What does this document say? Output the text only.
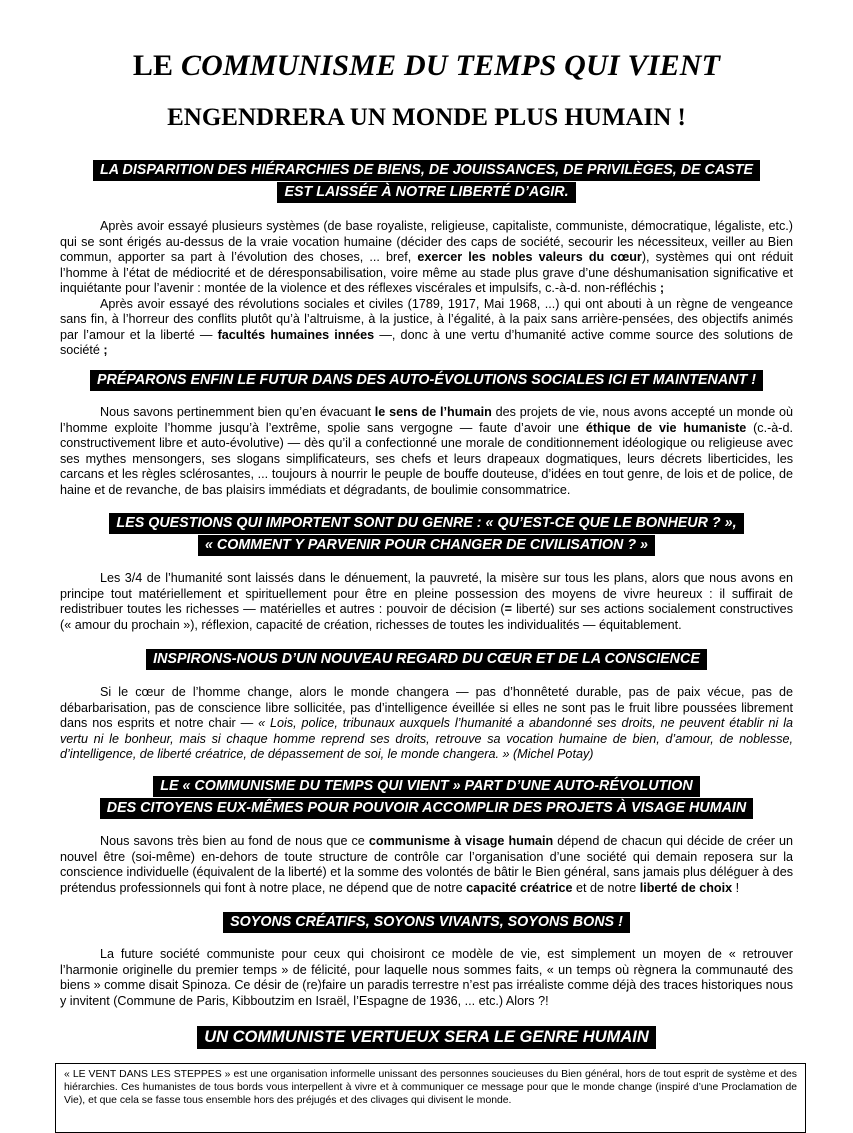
LE COMMUNISME DU TEMPS QUI VIENT
ENGENDRERA UN MONDE PLUS HUMAIN !
LA DISPARITION DES HIÉRARCHIES DE BIENS, DE JOUISSANCES, DE PRIVILÈGES, DE CASTE
EST LAISSÉE À NOTRE LIBERTÉ D’AGIR.

Après avoir essayé plusieurs systèmes (de base royaliste, religieuse, capitaliste, communiste, démocratique, légaliste, etc.) qui se sont érigés au-dessus de la vraie vocation humaine (décider des caps de société, secourir les nécessiteux, veiller au Bien commun, apporter sa part à l’évolution des choses, ... bref, exercer les nobles valeurs du cœur), systèmes qui ont réduit l’homme à l’état de médiocrité et de déresponsabilisation, voire même au stade plus grave d’une déshumanisation significative et inquiétante pour l’avenir : montée de la violence et des réflexes viscérales et impulsifs, c.-à-d. non-réfléchis ;

Après avoir essayé des révolutions sociales et civiles (1789, 1917, Mai 1968, ...) qui ont abouti à un règne de vengeance sans fin, à l’horreur des conflits plutôt qu’à l’altruisme, à la justice, à l’égalité, à la paix sans arrière-pensées, des objectifs animés par l’amour et la liberté — facultés humaines innées —, donc à une vertu d’humanité active comme source des solutions de société ;

PRÉPARONS ENFIN LE FUTUR DANS DES AUTO-ÉVOLUTIONS SOCIALES ICI ET MAINTENANT !

Nous savons pertinemment bien qu’en évacuant le sens de l’humain des projets de vie, nous avons accepté un monde où l’homme exploite l’homme jusqu’à l’extrême, spolie sans vergogne — faute d’avoir une éthique de vie humaniste (c.-à-d. constructivement libre et auto-évolutive) — dès qu’il a confectionné une morale de conditionnement idéologique ou religieuse avec ses mythes mensongers, ses slogans simplificateurs, ses chefs et leurs drapeaux dogmatiques, leurs décrets liberticides, les carcans et les règles sclérosantes, ... toujours à nourrir le peuple de bouffe douteuse, d’idées en tout genre, de lois et de police, de haine et de revanche, de bas plaisirs immédiats et dégradants, de boulimie consommatrice.

LES QUESTIONS QUI IMPORTENT SONT DU GENRE : « QU’EST-CE QUE LE BONHEUR ? »,
« COMMENT Y PARVENIR POUR CHANGER DE CIVILISATION ? »

Les 3/4 de l’humanité sont laissés dans le dénuement, la pauvreté, la misère sur tous les plans, alors que nous avons en principe tout matériellement et spirituellement pour être en pleine possession des moyens de vivre heureux : il suffirait de redistribuer toutes les richesses — matérielles et autres : pouvoir de décision (= liberté) sur ses actions socialement constructives (« amour du prochain »), réflexion, capacité de création, richesses de toutes les individualités — équitablement.

INSPIRONS-NOUS D’UN NOUVEAU REGARD DU CŒUR ET DE LA CONSCIENCE

Si le cœur de l’homme change, alors le monde changera — pas d’honnêteté durable, pas de paix vécue, pas de débarbarisation, pas de conscience libre sollicitée, pas d’intelligence éveillée si elles ne sont pas le fruit libre poussées librement dans nos esprits et notre chair — « Lois, police, tribunaux auxquels l’humanité a abandonné ses droits, ne peuvent établir ni la vertu ni le bonheur, mais si chaque homme reprend ses droits, retrouve sa vocation humaine de bien, d’amour, de noblesse, d’intelligence, de liberté créatrice, de dépassement de soi, le monde changera. » (Michel Potay)

LE « COMMUNISME DU TEMPS QUI VIENT » PART D’UNE AUTO-RÉVOLUTION
DES CITOYENS EUX-MÊMES POUR POUVOIR ACCOMPLIR DES PROJETS À VISAGE HUMAIN

Nous savons très bien au fond de nous que ce communisme à visage humain dépend de chacun qui décide de créer un nouvel être (soi-même) en-dehors de toute structure de contrôle car l’organisation d’une société qui demain reposera sur la conscience individuelle (équivalent de la liberté) et la somme des volontés de bâtir le Bien général, sans jamais plus déléguer à des prétendus professionnels qui font à notre place, ne dépend que de notre capacité créatrice et de notre liberté de choix !

SOYONS CRÉATIFS, SOYONS VIVANTS, SOYONS BONS !

La future société communiste pour ceux qui choisiront ce modèle de vie, est simplement un moyen de « retrouver l’harmonie originelle du premier temps » de félicité, pour laquelle nous sommes faits, « un temps où règnera la communauté des biens » comme disait Spinoza. Ce désir de (re)faire un paradis terrestre n’est pas irréaliste comme déjà des traces historiques nous y invitent (Commune de Paris, Kibboutzim en Israël, l’Espagne de 1936, ... etc.) Alors ?!

UN COMMUNISTE VERTUEUX SERA LE GENRE HUMAIN
« LE VENT DANS LES STEPPES » est une organisation informelle unissant des personnes soucieuses du Bien général, hors de tout esprit de système et des hiérarchies. Ces humanistes de tous bords vous interpellent à vivre et à communiquer ce message pour que le monde change (inspiré d’une Proclamation de Vie), et que cela se fasse tous ensemble hors des préjugés et des clivages qui divisent le monde.
